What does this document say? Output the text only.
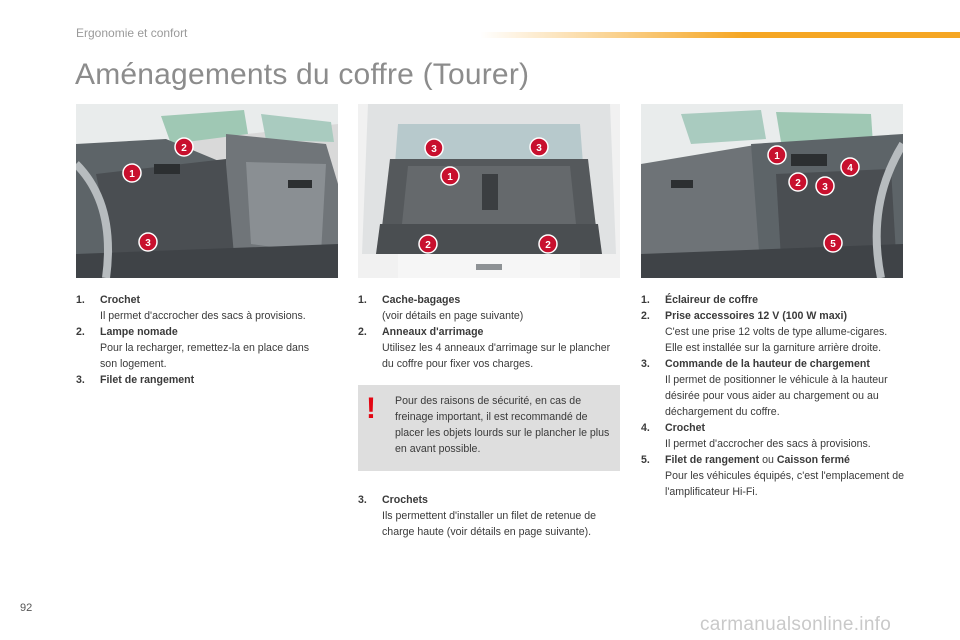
Ergonomie et confort
Aménagements du coffre (Tourer)
2
1
3
3	3
1
2	2
1
4
2 3
5
1. Crochet
Il permet d'accrocher des sacs à provisions.
2. Lampe nomade
Pour la recharger, remettez-la en place dans son logement.
3. Filet de rangement
1. Cache-bagages
(voir détails en page suivante)
2. Anneaux d'arrimage
Utilisez les 4 anneaux d'arrimage sur le plancher du coffre pour fixer vos charges.
! Pour des raisons de sécurité, en cas de freinage important, il est recommandé de placer les objets lourds sur le plancher le plus en avant possible.
3. Crochets
Ils permettent d'installer un filet de retenue de charge haute (voir détails en page suivante).
1. Éclaireur de coffre
2. Prise accessoires 12 V (100 W maxi)
C'est une prise 12 volts de type allume-cigares. Elle est installée sur la garniture arrière droite.
3. Commande de la hauteur de chargement
Il permet de positionner le véhicule à la hauteur désirée pour vous aider au chargement ou au déchargement du coffre.
4. Crochet
Il permet d'accrocher des sacs à provisions.
5. Filet de rangement ou Caisson fermé
Pour les véhicules équipés, c'est l'emplacement de l'amplificateur Hi-Fi.
92
carmanualsonline.info
